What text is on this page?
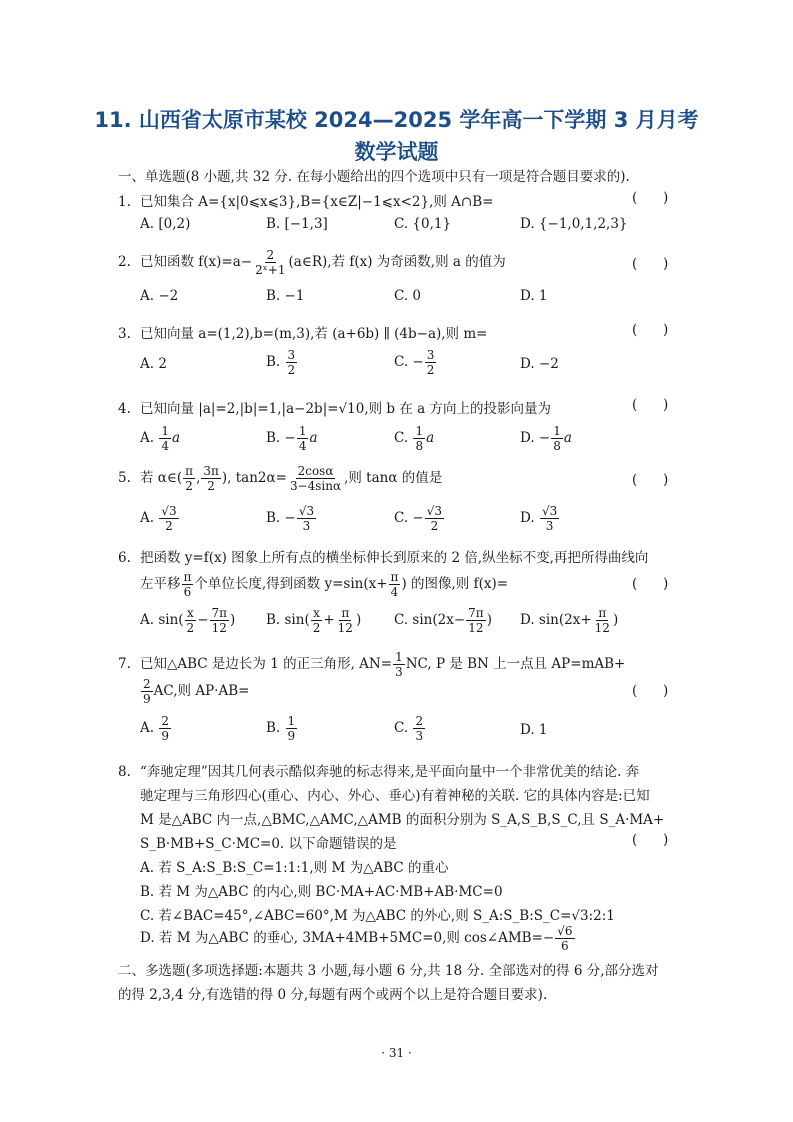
11. 山西省太原市某校 2024—2025 学年高一下学期 3 月月考
数学试题
一、单选题(8 小题,共 32 分. 在每小题给出的四个选项中只有一项是符合题目要求的).
1. 已知集合 A={x|0⩽x⩽3},B={x∈Z|−1⩽x<2},则 A∩B=	(      )
A. [0,2)	B. [−1,3]	C. {0,1}	D. {−1,0,1,2,3}
2. 已知函数 $f(x)=a- \frac{2}{\text{2ˣ+1}}$ (a∈R),若 f(x) 为奇函数,则 a 的值为	(      )
A. −2	B. −1	C. 0	D. 1
3. 已知向量 a=(1,2),b=(m,3),若 (a+6b) ∥ (4b−a),则 m=	(      )
A. 2	B. $\frac{3}{2}$	C. − $\frac{3}{2}$	D. −2
4. 已知向量 |a|=2,|b|=1,|a−2b|=√10,则 b 在 a 方向上的投影向量为	(      )
A. $\frac{1}{4}$ a	B. − $\frac{1}{4}$ a	C. $\frac{1}{8}$ a	D. − $\frac{1}{8}$ a
5. 若 α∈( $\frac{\pi}{2}$ , $\frac{3\pi}{2}$ ), $\tan 2\alpha= \frac{2\cos\alpha}{3-4\sin\alpha}$ ,则 tanα 的值是	(      )
A. $\frac{√3}{2}$	B. − $\frac{√3}{3}$	C. − $\frac{√3}{2}$	D. $\frac{√3}{3}$
6. 把函数 y=f(x) 图象上所有点的横坐标伸长到原来的 2 倍,纵坐标不变,再把所得曲线向
左平移 $\frac{\pi}{6}$ 个单位长度,得到函数 $y=\sin(x+ \frac{\pi}{4}$ ) 的图像,则 f(x)=	(      )
A. $\sin( \frac{x}{2} - \frac{7\pi}{12}$ ) B. $\sin( \frac{x}{2} + \frac{\pi}{12}$ ) C. $\sin(2x- \frac{7\pi}{12}$ ) D. $\sin(2x+ \frac{\pi}{12}$ )
7. 已知△ABC 是边长为 1 的正三角形, $AN= \frac{1}{3}$ NC, P 是 BN 上一点且 AP=mAB+
$\frac{2}{9}$ AC,则 AP·AB=	(      )
A. $\frac{2}{9}$	B. $\frac{1}{9}$	C. $\frac{2}{3}$	D. 1
8. “奔驰定理”因其几何表示酷似奔驰的标志得来,是平面向量中一个非常优美的结论. 奔
驰定理与三角形四心(重心、内心、外心、垂心)有着神秘的关联. 它的具体内容是:已知
M 是△ABC 内一点,△BMC,△AMC,△AMB 的面积分别为 S_A,S_B,S_C,且 S_A·MA+
S_B·MB+S_C·MC=0. 以下命题错误的是	(      )
A. 若 S_A:S_B:S_C=1:1:1,则 M 为△ABC 的重心
B. 若 M 为△ABC 的内心,则 BC·MA+AC·MB+AB·MC=0
C. 若∠BAC=45°,∠ABC=60°,M 为△ABC 的外心,则 S_A:S_B:S_C=√3:2:1
D. 若 M 为△ABC 的垂心, 3MA+4MB+5MC=0,则 cos∠AMB=− $\frac{√6}{6}$
二、多选题(多项选择题:本题共 3 小题,每小题 6 分,共 18 分. 全部选对的得 6 分,部分选对
的得 2,3,4 分,有选错的得 0 分,每题有两个或两个以上是符合题目要求).
· 31 ·
